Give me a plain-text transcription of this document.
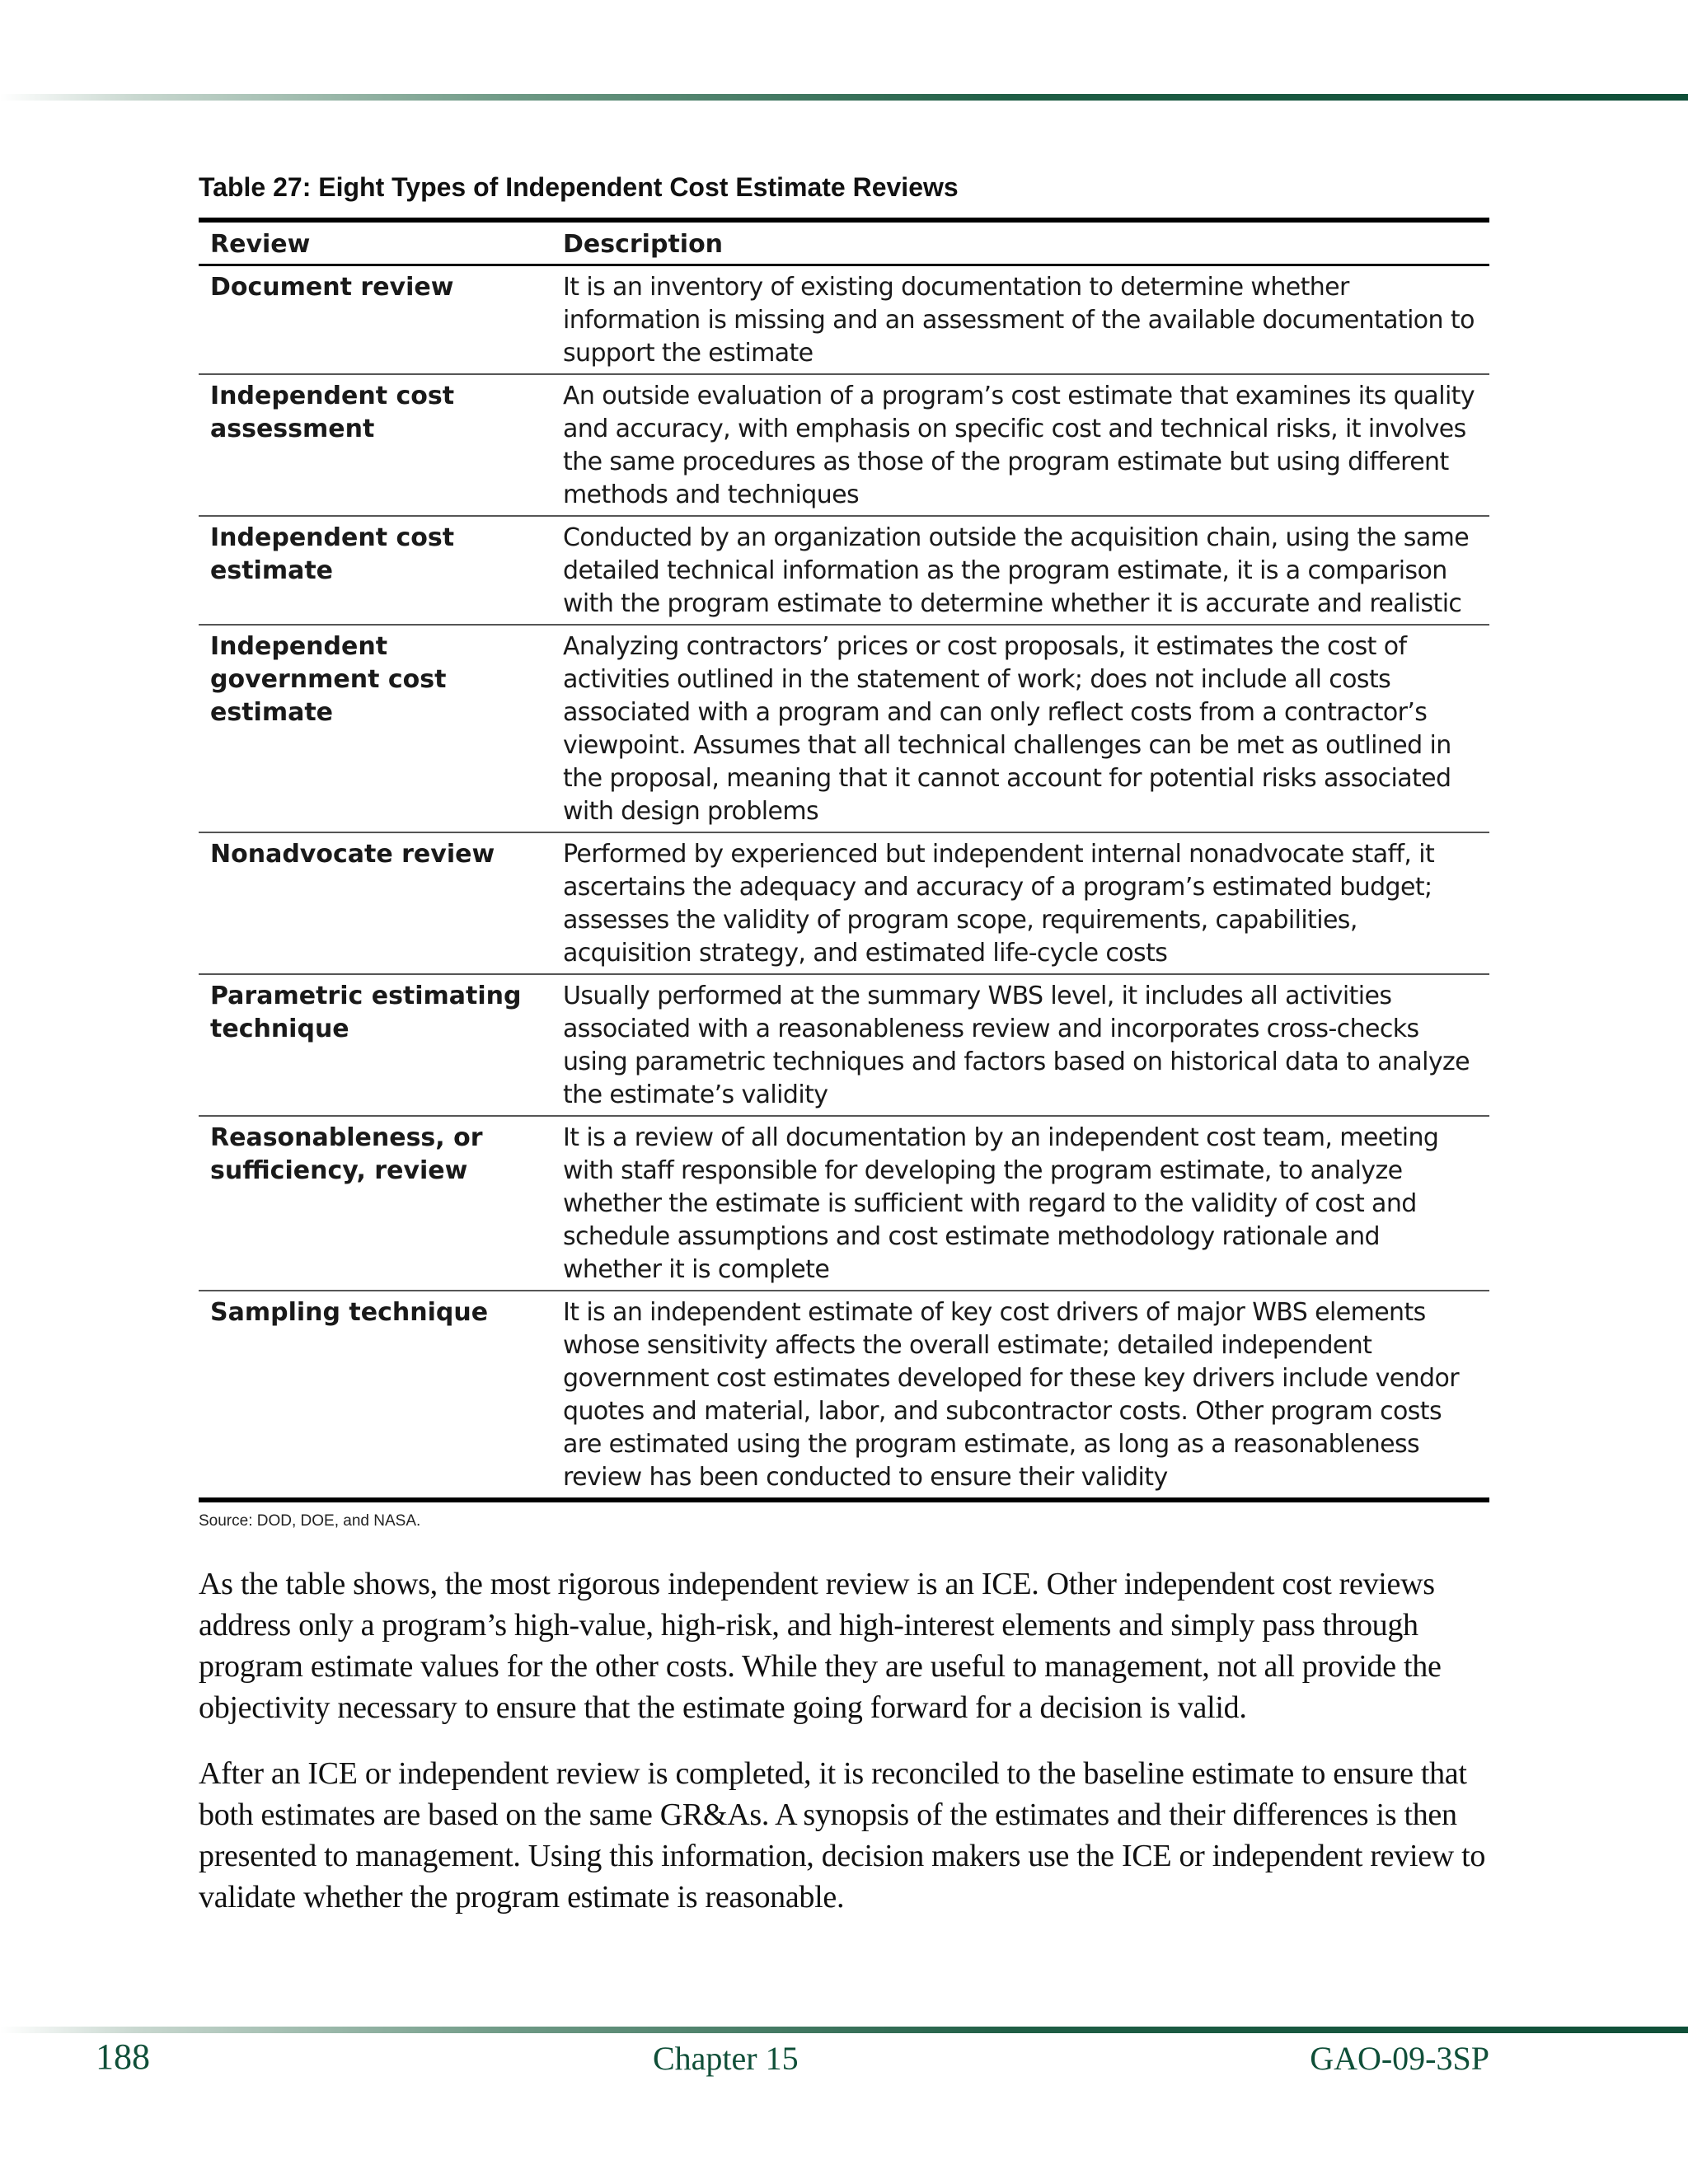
Table 27: Eight Types of Independent Cost Estimate Reviews
Review	Description
Document review	It is an inventory of existing documentation to determine whether information is missing and an assessment of the available documentation to support the estimate
Independent cost assessment	An outside evaluation of a program’s cost estimate that examines its quality and accuracy, with emphasis on specific cost and technical risks, it involves the same procedures as those of the program estimate but using different methods and techniques
Independent cost estimate	Conducted by an organization outside the acquisition chain, using the same detailed technical information as the program estimate, it is a comparison with the program estimate to determine whether it is accurate and realistic
Independent government cost estimate	Analyzing contractors’ prices or cost proposals, it estimates the cost of activities outlined in the statement of work; does not include all costs associated with a program and can only reflect costs from a contractor’s viewpoint. Assumes that all technical challenges can be met as outlined in the proposal, meaning that it cannot account for potential risks associated with design problems
Nonadvocate review	Performed by experienced but independent internal nonadvocate staff, it ascertains the adequacy and accuracy of a program’s estimated budget; assesses the validity of program scope, requirements, capabilities, acquisition strategy, and estimated life-cycle costs
Parametric estimating technique	Usually performed at the summary WBS level, it includes all activities associated with a reasonableness review and incorporates cross-checks using parametric techniques and factors based on historical data to analyze the estimate’s validity
Reasonableness, or sufficiency, review	It is a review of all documentation by an independent cost team, meeting with staff responsible for developing the program estimate, to analyze whether the estimate is sufficient with regard to the validity of cost and schedule assumptions and cost estimate methodology rationale and whether it is complete
Sampling technique	It is an independent estimate of key cost drivers of major WBS elements whose sensitivity affects the overall estimate; detailed independent government cost estimates developed for these key drivers include vendor quotes and material, labor, and subcontractor costs. Other program costs are estimated using the program estimate, as long as a reasonableness review has been conducted to ensure their validity
Source: DOD, DOE, and NASA.

As the table shows, the most rigorous independent review is an ICE. Other independent cost reviews address only a program’s high-value, high-risk, and high-interest elements and simply pass through program estimate values for the other costs. While they are useful to management, not all provide the objectivity necessary to ensure that the estimate going forward for a decision is valid.

After an ICE or independent review is completed, it is reconciled to the baseline estimate to ensure that both estimates are based on the same GR&As. A synopsis of the estimates and their differences is then presented to management. Using this information, decision makers use the ICE or independent review to validate whether the program estimate is reasonable.

188	Chapter 15	GAO-09-3SP
